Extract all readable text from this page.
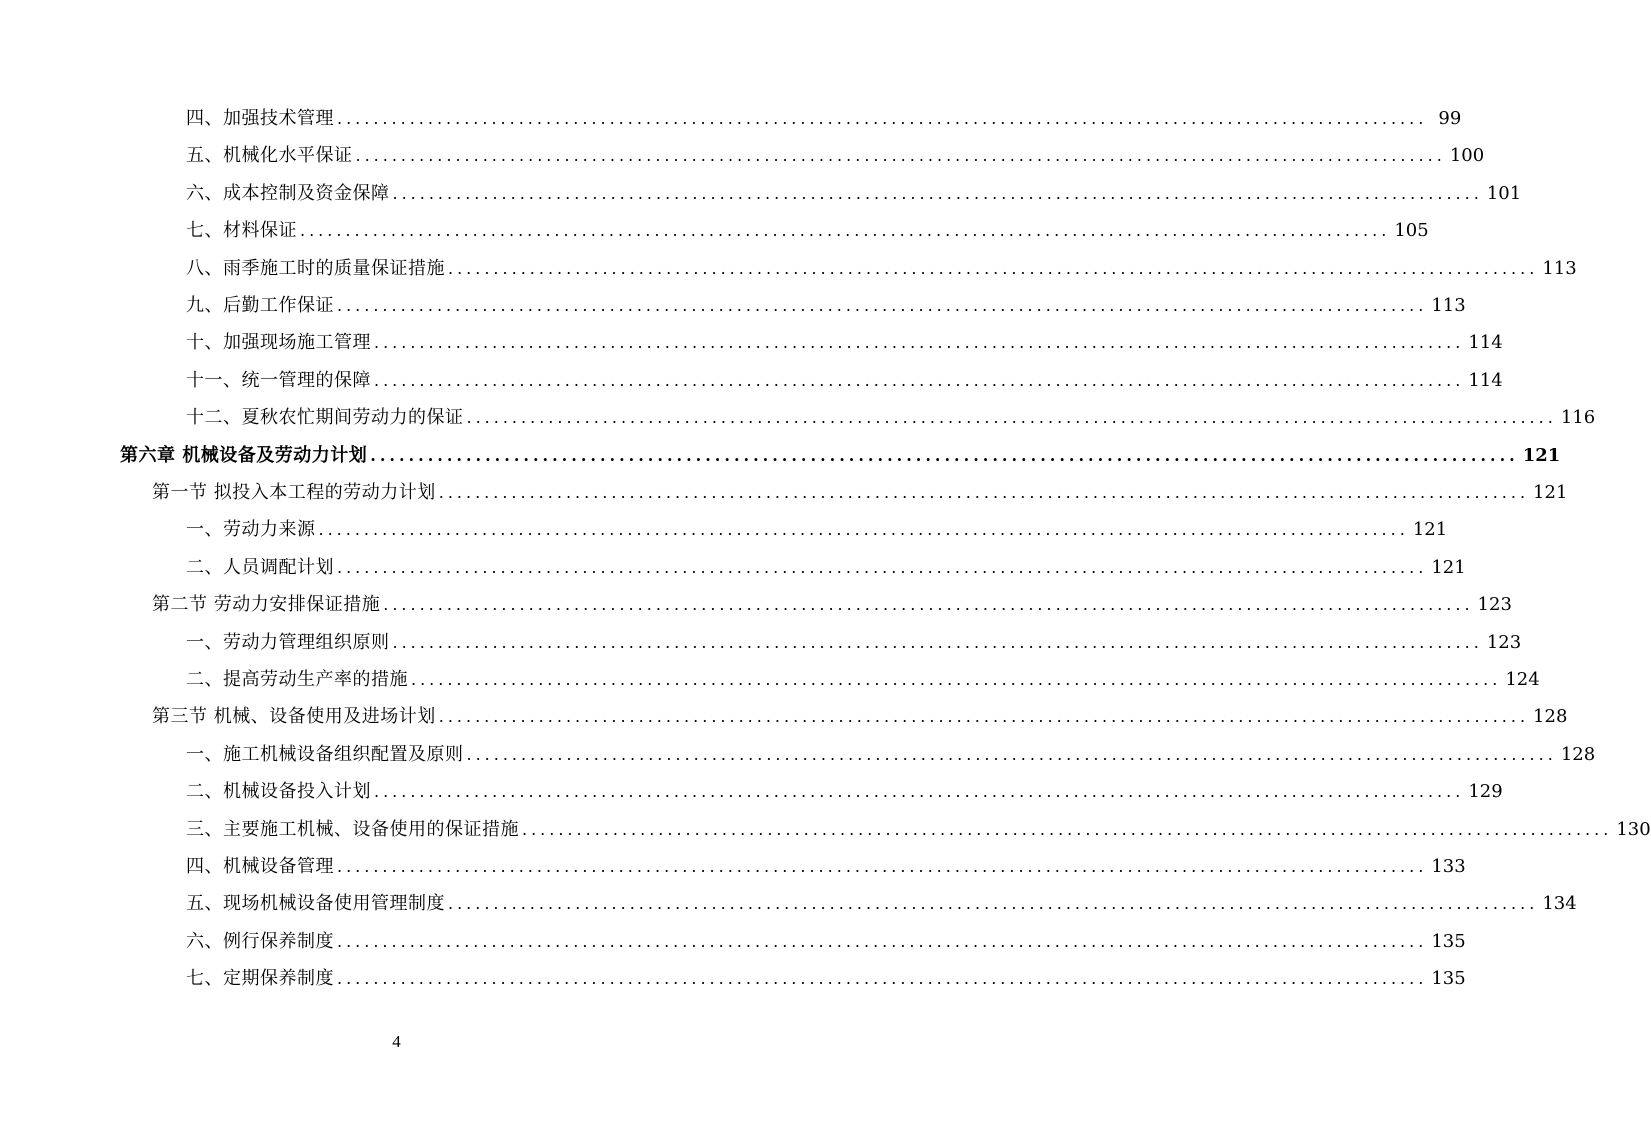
四、加强技术管理 ........................................................................................................................ 99
五、机械化水平保证 ........................................................................................................................ 100
六、成本控制及资金保障 ........................................................................................................................ 101
七、材料保证 ........................................................................................................................ 105
八、雨季施工时的质量保证措施 ........................................................................................................................ 113
九、后勤工作保证 ........................................................................................................................ 113
十、加强现场施工管理 ........................................................................................................................ 114
十一、统一管理的保障 ........................................................................................................................ 114
十二、夏秋农忙期间劳动力的保证 ........................................................................................................................ 116
第六章 机械设备及劳动力计划 ........................................................................................................................ 121
第一节 拟投入本工程的劳动力计划 ........................................................................................................................ 121
一、劳动力来源 ........................................................................................................................ 121
二、人员调配计划 ........................................................................................................................ 121
第二节 劳动力安排保证措施 ........................................................................................................................ 123
一、劳动力管理组织原则 ........................................................................................................................ 123
二、提高劳动生产率的措施 ........................................................................................................................ 124
第三节 机械、设备使用及进场计划 ........................................................................................................................ 128
一、施工机械设备组织配置及原则 ........................................................................................................................ 128
二、机械设备投入计划 ........................................................................................................................ 129
三、主要施工机械、设备使用的保证措施 ........................................................................................................................ 130
四、机械设备管理 ........................................................................................................................ 133
五、现场机械设备使用管理制度 ........................................................................................................................ 134
六、例行保养制度 ........................................................................................................................ 135
七、定期保养制度 ........................................................................................................................ 135
4
